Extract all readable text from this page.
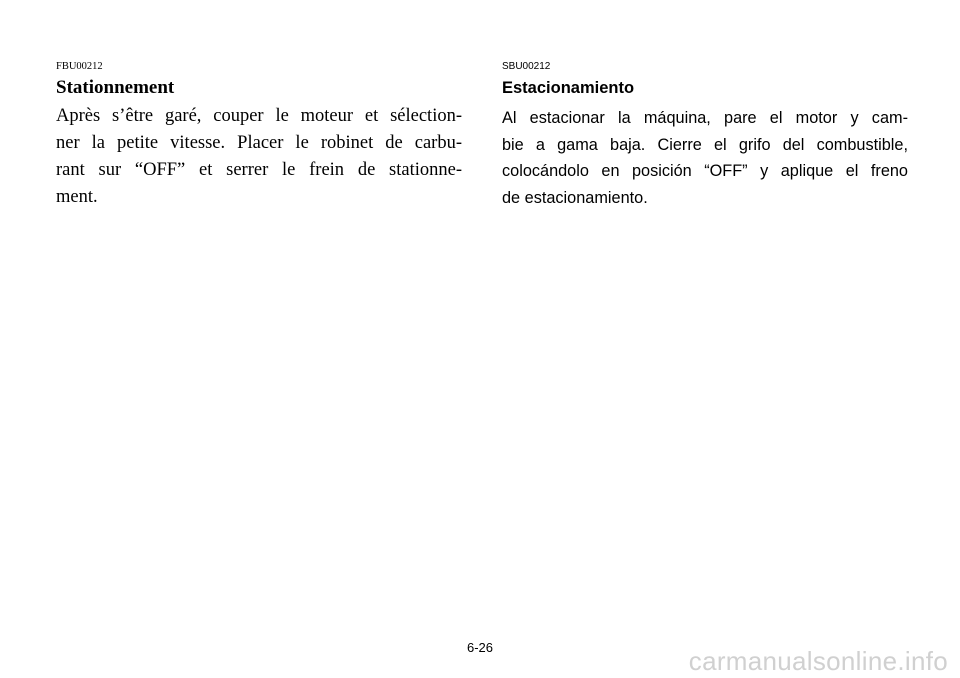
FBU00212
Stationnement
Après s’être garé, couper le moteur et sélection-
ner la petite vitesse. Placer le robinet de carbu-
rant sur “OFF” et serrer le frein de stationne-
ment.
SBU00212
Estacionamiento
Al estacionar la máquina, pare el motor y cam-
bie a gama baja. Cierre el grifo del combustible,
colocándolo en posición “OFF” y aplique el freno
de estacionamiento.
6-26	carmanualsonline.info
